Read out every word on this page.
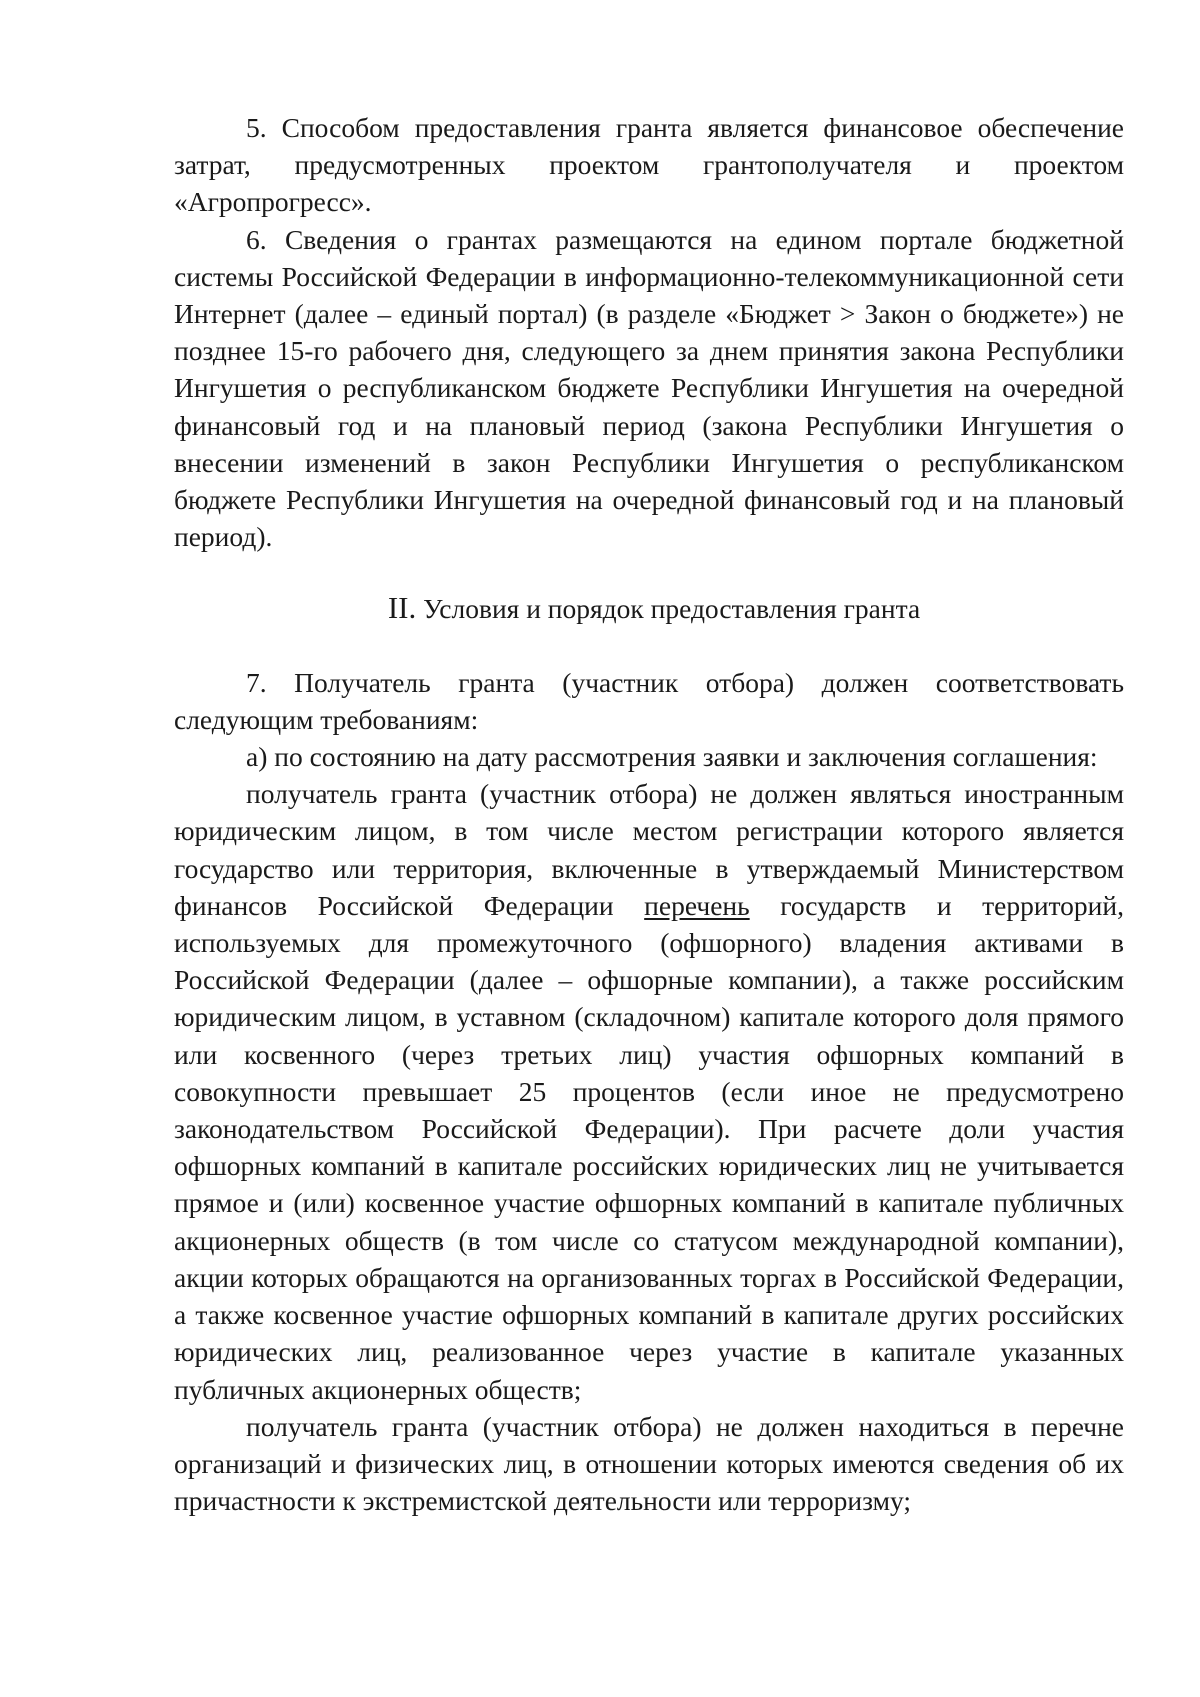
5. Способом предоставления гранта является финансовое обеспечение затрат, предусмотренных проектом грантополучателя и проектом «Агропрогресс».

6. Сведения о грантах размещаются на едином портале бюджетной системы Российской Федерации в информационно-телекоммуникационной сети Интернет (далее – единый портал) (в разделе «Бюджет > Закон о бюджете») не позднее 15-го рабочего дня, следующего за днем принятия закона Республики Ингушетия о республиканском бюджете Республики Ингушетия на очередной финансовый год и на плановый период (закона Республики Ингушетия о внесении изменений в закон Республики Ингушетия о республиканском бюджете Республики Ингушетия на очередной финансовый год и на плановый период).

II. Условия и порядок предоставления гранта

7. Получатель гранта (участник отбора) должен соответствовать следующим требованиям:

а) по состоянию на дату рассмотрения заявки и заключения соглашения:

получатель гранта (участник отбора) не должен являться иностранным юридическим лицом, в том числе местом регистрации которого является государство или территория, включенные в утверждаемый Министерством финансов Российской Федерации перечень государств и территорий, используемых для промежуточного (офшорного) владения активами в Российской Федерации (далее – офшорные компании), а также российским юридическим лицом, в уставном (складочном) капитале которого доля прямого или косвенного (через третьих лиц) участия офшорных компаний в совокупности превышает 25 процентов (если иное не предусмотрено законодательством Российской Федерации). При расчете доли участия офшорных компаний в капитале российских юридических лиц не учитывается прямое и (или) косвенное участие офшорных компаний в капитале публичных акционерных обществ (в том числе со статусом международной компании), акции которых обращаются на организованных торгах в Российской Федерации, а также косвенное участие офшорных компаний в капитале других российских юридических лиц, реализованное через участие в капитале указанных публичных акционерных обществ;

получатель гранта (участник отбора) не должен находиться в перечне организаций и физических лиц, в отношении которых имеются сведения об их причастности к экстремистской деятельности или терроризму;
